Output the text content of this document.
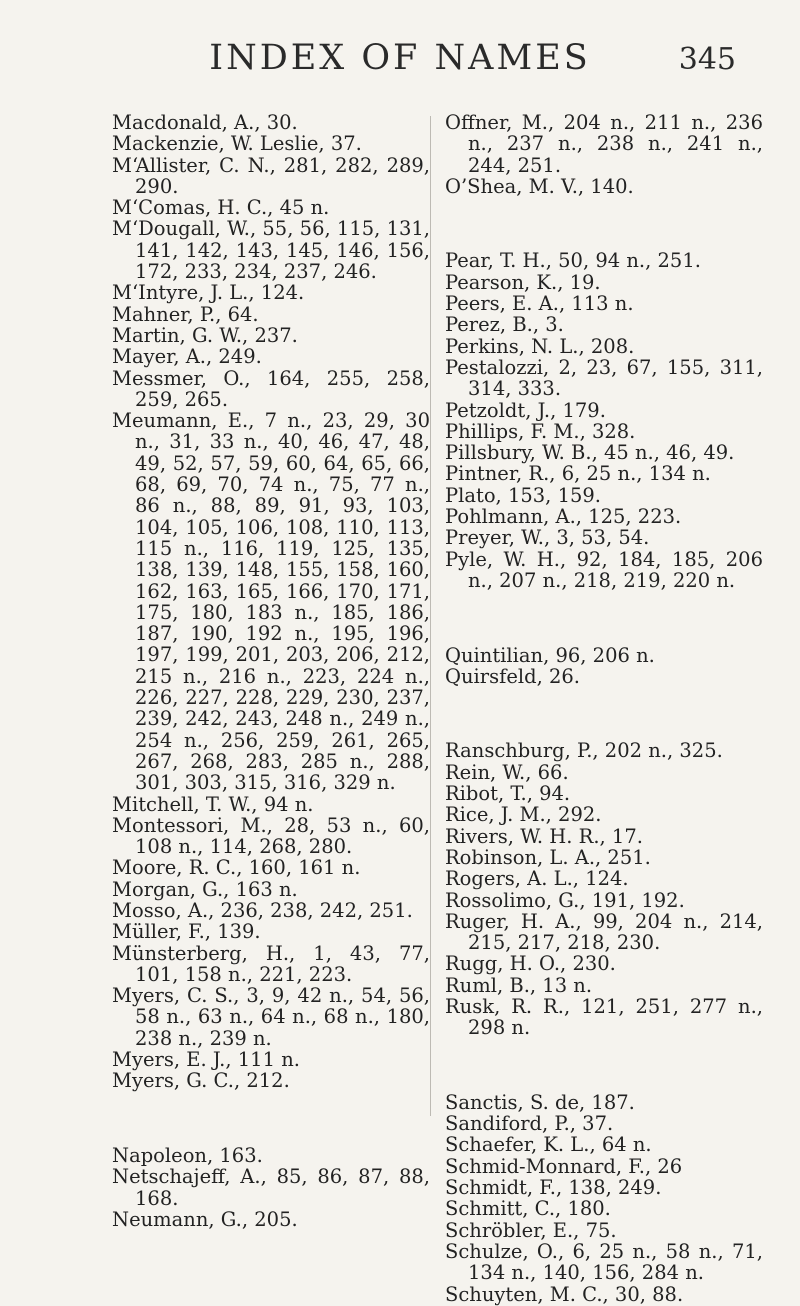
INDEX OF NAMES	345

Macdonald, A., 30.

Mackenzie, W. Leslie, 37.

M‘Allister, C. N., 281, 282, 289, 290.

M‘Comas, H. C., 45 n.

M‘Dougall, W., 55, 56, 115, 131, 141, 142, 143, 145, 146, 156, 172, 233, 234, 237, 246.

M‘Intyre, J. L., 124.

Mahner, P., 64.

Martin, G. W., 237.

Mayer, A., 249.

Messmer, O., 164, 255, 258, 259, 265.

Meumann, E., 7 n., 23, 29, 30 n., 31, 33 n., 40, 46, 47, 48, 49, 52, 57, 59, 60, 64, 65, 66, 68, 69, 70, 74 n., 75, 77 n., 86 n., 88, 89, 91, 93, 103, 104, 105, 106, 108, 110, 113, 115 n., 116, 119, 125, 135, 138, 139, 148, 155, 158, 160, 162, 163, 165, 166, 170, 171, 175, 180, 183 n., 185, 186, 187, 190, 192 n., 195, 196, 197, 199, 201, 203, 206, 212, 215 n., 216 n., 223, 224 n., 226, 227, 228, 229, 230, 237, 239, 242, 243, 248 n., 249 n., 254 n., 256, 259, 261, 265, 267, 268, 283, 285 n., 288, 301, 303, 315, 316, 329 n.

Mitchell, T. W., 94 n.

Montessori, M., 28, 53 n., 60, 108 n., 114, 268, 280.

Moore, R. C., 160, 161 n.

Morgan, G., 163 n.

Mosso, A., 236, 238, 242, 251.

Müller, F., 139.

Münsterberg, H., 1, 43, 77, 101, 158 n., 221, 223.

Myers, C. S., 3, 9, 42 n., 54, 56, 58 n., 63 n., 64 n., 68 n., 180, 238 n., 239 n.

Myers, E. J., 111 n.

Myers, G. C., 212.

Napoleon, 163.

Netschajeff, A., 85, 86, 87, 88, 168.

Neumann, G., 205.

Offner, M., 204 n., 211 n., 236 n., 237 n., 238 n., 241 n., 244, 251.

O’Shea, M. V., 140.

Pear, T. H., 50, 94 n., 251.

Pearson, K., 19.

Peers, E. A., 113 n.

Perez, B., 3.

Perkins, N. L., 208.

Pestalozzi, 2, 23, 67, 155, 311, 314, 333.

Petzoldt, J., 179.

Phillips, F. M., 328.

Pillsbury, W. B., 45 n., 46, 49.

Pintner, R., 6, 25 n., 134 n.

Plato, 153, 159.

Pohlmann, A., 125, 223.

Preyer, W., 3, 53, 54.

Pyle, W. H., 92, 184, 185, 206 n., 207 n., 218, 219, 220 n.

Quintilian, 96, 206 n.

Quirsfeld, 26.

Ranschburg, P., 202 n., 325.

Rein, W., 66.

Ribot, T., 94.

Rice, J. M., 292.

Rivers, W. H. R., 17.

Robinson, L. A., 251.

Rogers, A. L., 124.

Rossolimo, G., 191, 192.

Ruger, H. A., 99, 204 n., 214, 215, 217, 218, 230.

Rugg, H. O., 230.

Ruml, B., 13 n.

Rusk, R. R., 121, 251, 277 n., 298 n.

Sanctis, S. de, 187.

Sandiford, P., 37.

Schaefer, K. L., 64 n.

Schmid-Monnard, F., 26

Schmidt, F., 138, 249.

Schmitt, C., 180.

Schröbler, E., 75.

Schulze, O., 6, 25 n., 58 n., 71, 134 n., 140, 156, 284 n.

Schuyten, M. C., 30, 88.
